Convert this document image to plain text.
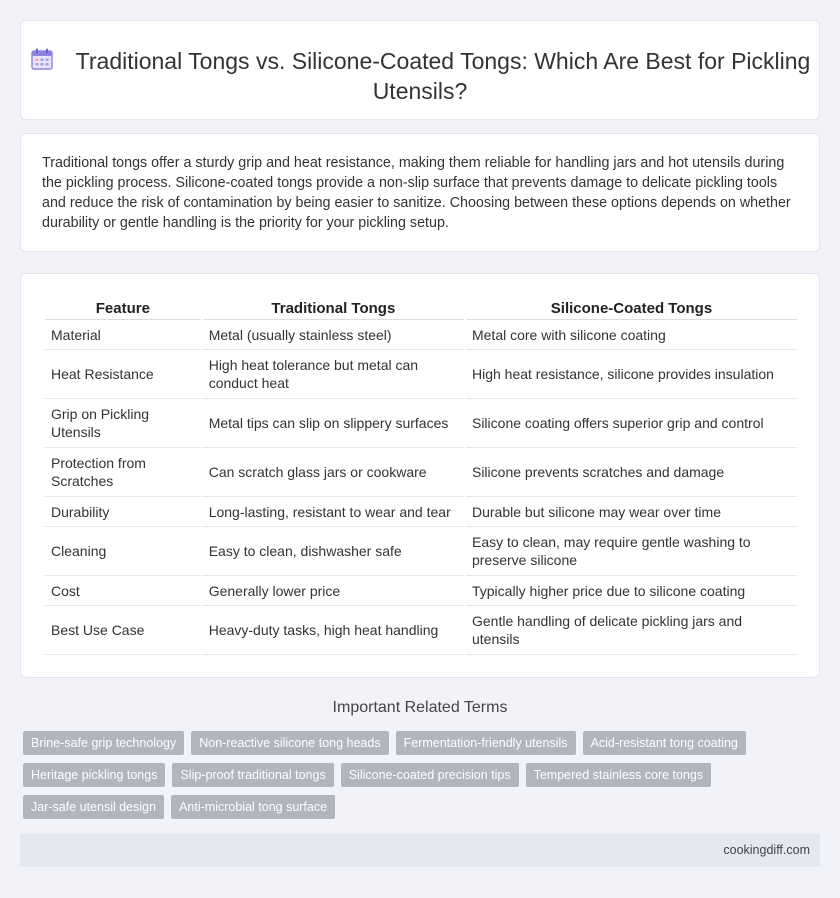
Traditional Tongs vs. Silicone-Coated Tongs: Which Are Best for Pickling Utensils?

Traditional tongs offer a sturdy grip and heat resistance, making them reliable for handling jars and hot utensils during the pickling process. Silicone-coated tongs provide a non-slip surface that prevents damage to delicate pickling tools and reduce the risk of contamination by being easier to sanitize. Choosing between these options depends on whether durability or gentle handling is the priority for your pickling setup.

Feature	Traditional Tongs	Silicone-Coated Tongs
Material	Metal (usually stainless steel)	Metal core with silicone coating
Heat Resistance	High heat tolerance but metal can conduct heat	High heat resistance, silicone provides insulation
Grip on Pickling Utensils	Metal tips can slip on slippery surfaces	Silicone coating offers superior grip and control
Protection from Scratches	Can scratch glass jars or cookware	Silicone prevents scratches and damage
Durability	Long-lasting, resistant to wear and tear	Durable but silicone may wear over time
Cleaning	Easy to clean, dishwasher safe	Easy to clean, may require gentle washing to preserve silicone
Cost	Generally lower price	Typically higher price due to silicone coating
Best Use Case	Heavy-duty tasks, high heat handling	Gentle handling of delicate pickling jars and utensils
Important Related Terms
Brine-safe grip technology	Non-reactive silicone tong heads	Fermentation-friendly utensils	Acid-resistant tong coating
Heritage pickling tongs	Slip-proof traditional tongs	Silicone-coated precision tips	Tempered stainless core tongs
Jar-safe utensil design	Anti-microbial tong surface
cookingdiff.com
